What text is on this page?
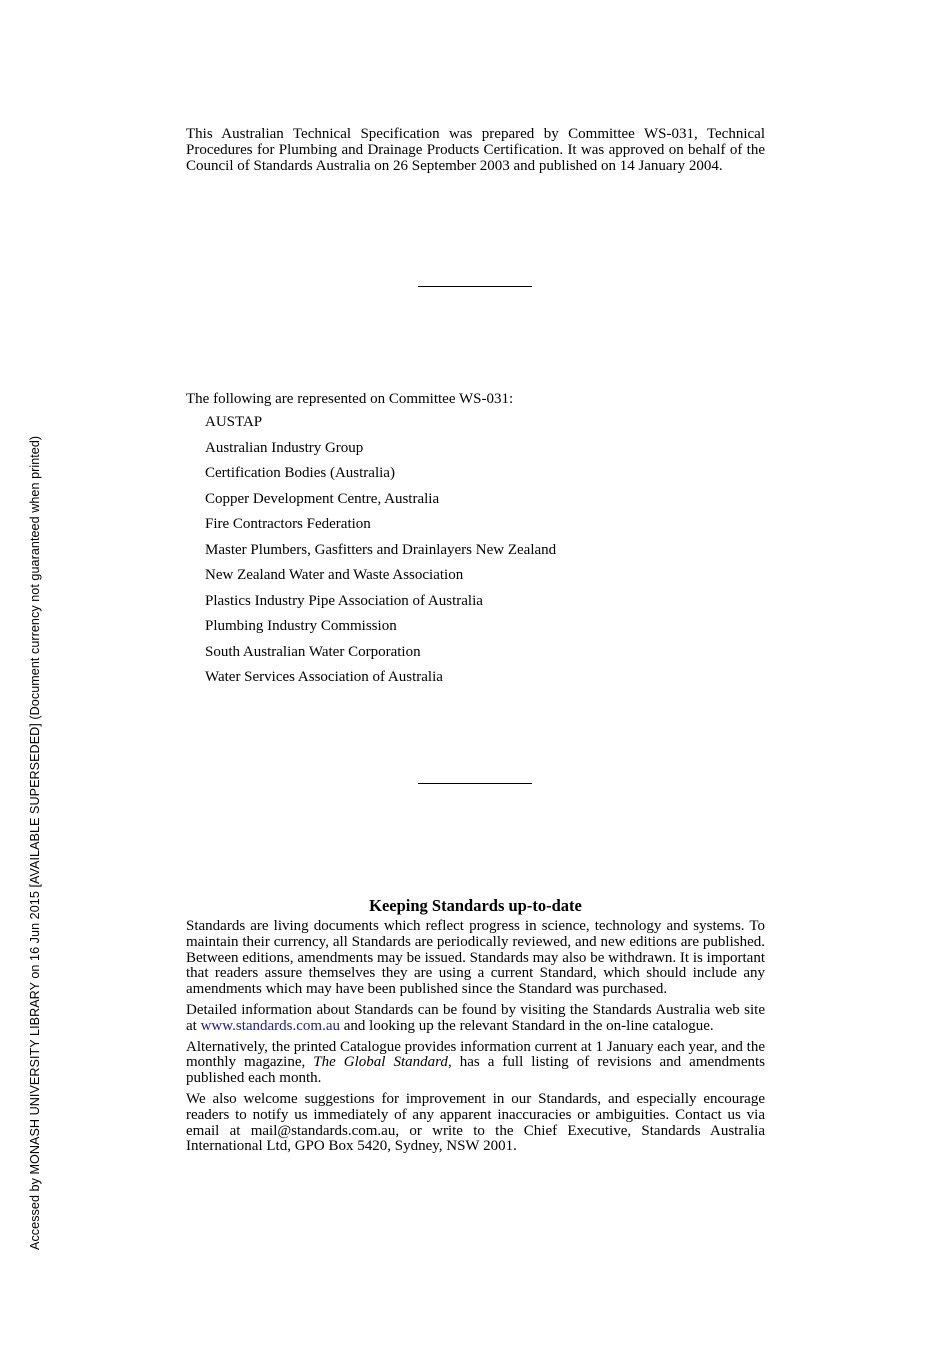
Accessed by MONASH UNIVERSITY LIBRARY on 16 Jun 2015 [AVAILABLE SUPERSEDED] (Document currency not guaranteed when printed)
This Australian Technical Specification was prepared by Committee WS-031, Technical Procedures for Plumbing and Drainage Products Certification. It was approved on behalf of the Council of Standards Australia on 26 September 2003 and published on 14 January 2004.

The following are represented on Committee WS-031:

AUSTAP
Australian Industry Group
Certification Bodies (Australia)
Copper Development Centre, Australia
Fire Contractors Federation
Master Plumbers, Gasfitters and Drainlayers New Zealand
New Zealand Water and Waste Association
Plastics Industry Pipe Association of Australia
Plumbing Industry Commission
South Australian Water Corporation
Water Services Association of Australia
Keeping Standards up-to-date

Standards are living documents which reflect progress in science, technology and systems. To maintain their currency, all Standards are periodically reviewed, and new editions are published. Between editions, amendments may be issued. Standards may also be withdrawn. It is important that readers assure themselves they are using a current Standard, which should include any amendments which may have been published since the Standard was purchased.

Detailed information about Standards can be found by visiting the Standards Australia web site at www.standards.com.au and looking up the relevant Standard in the on-line catalogue.

Alternatively, the printed Catalogue provides information current at 1 January each year, and the monthly magazine, The Global Standard, has a full listing of revisions and amendments published each month.

We also welcome suggestions for improvement in our Standards, and especially encourage readers to notify us immediately of any apparent inaccuracies or ambiguities. Contact us via email at mail@standards.com.au, or write to the Chief Executive, Standards Australia International Ltd, GPO Box 5420, Sydney, NSW 2001.
